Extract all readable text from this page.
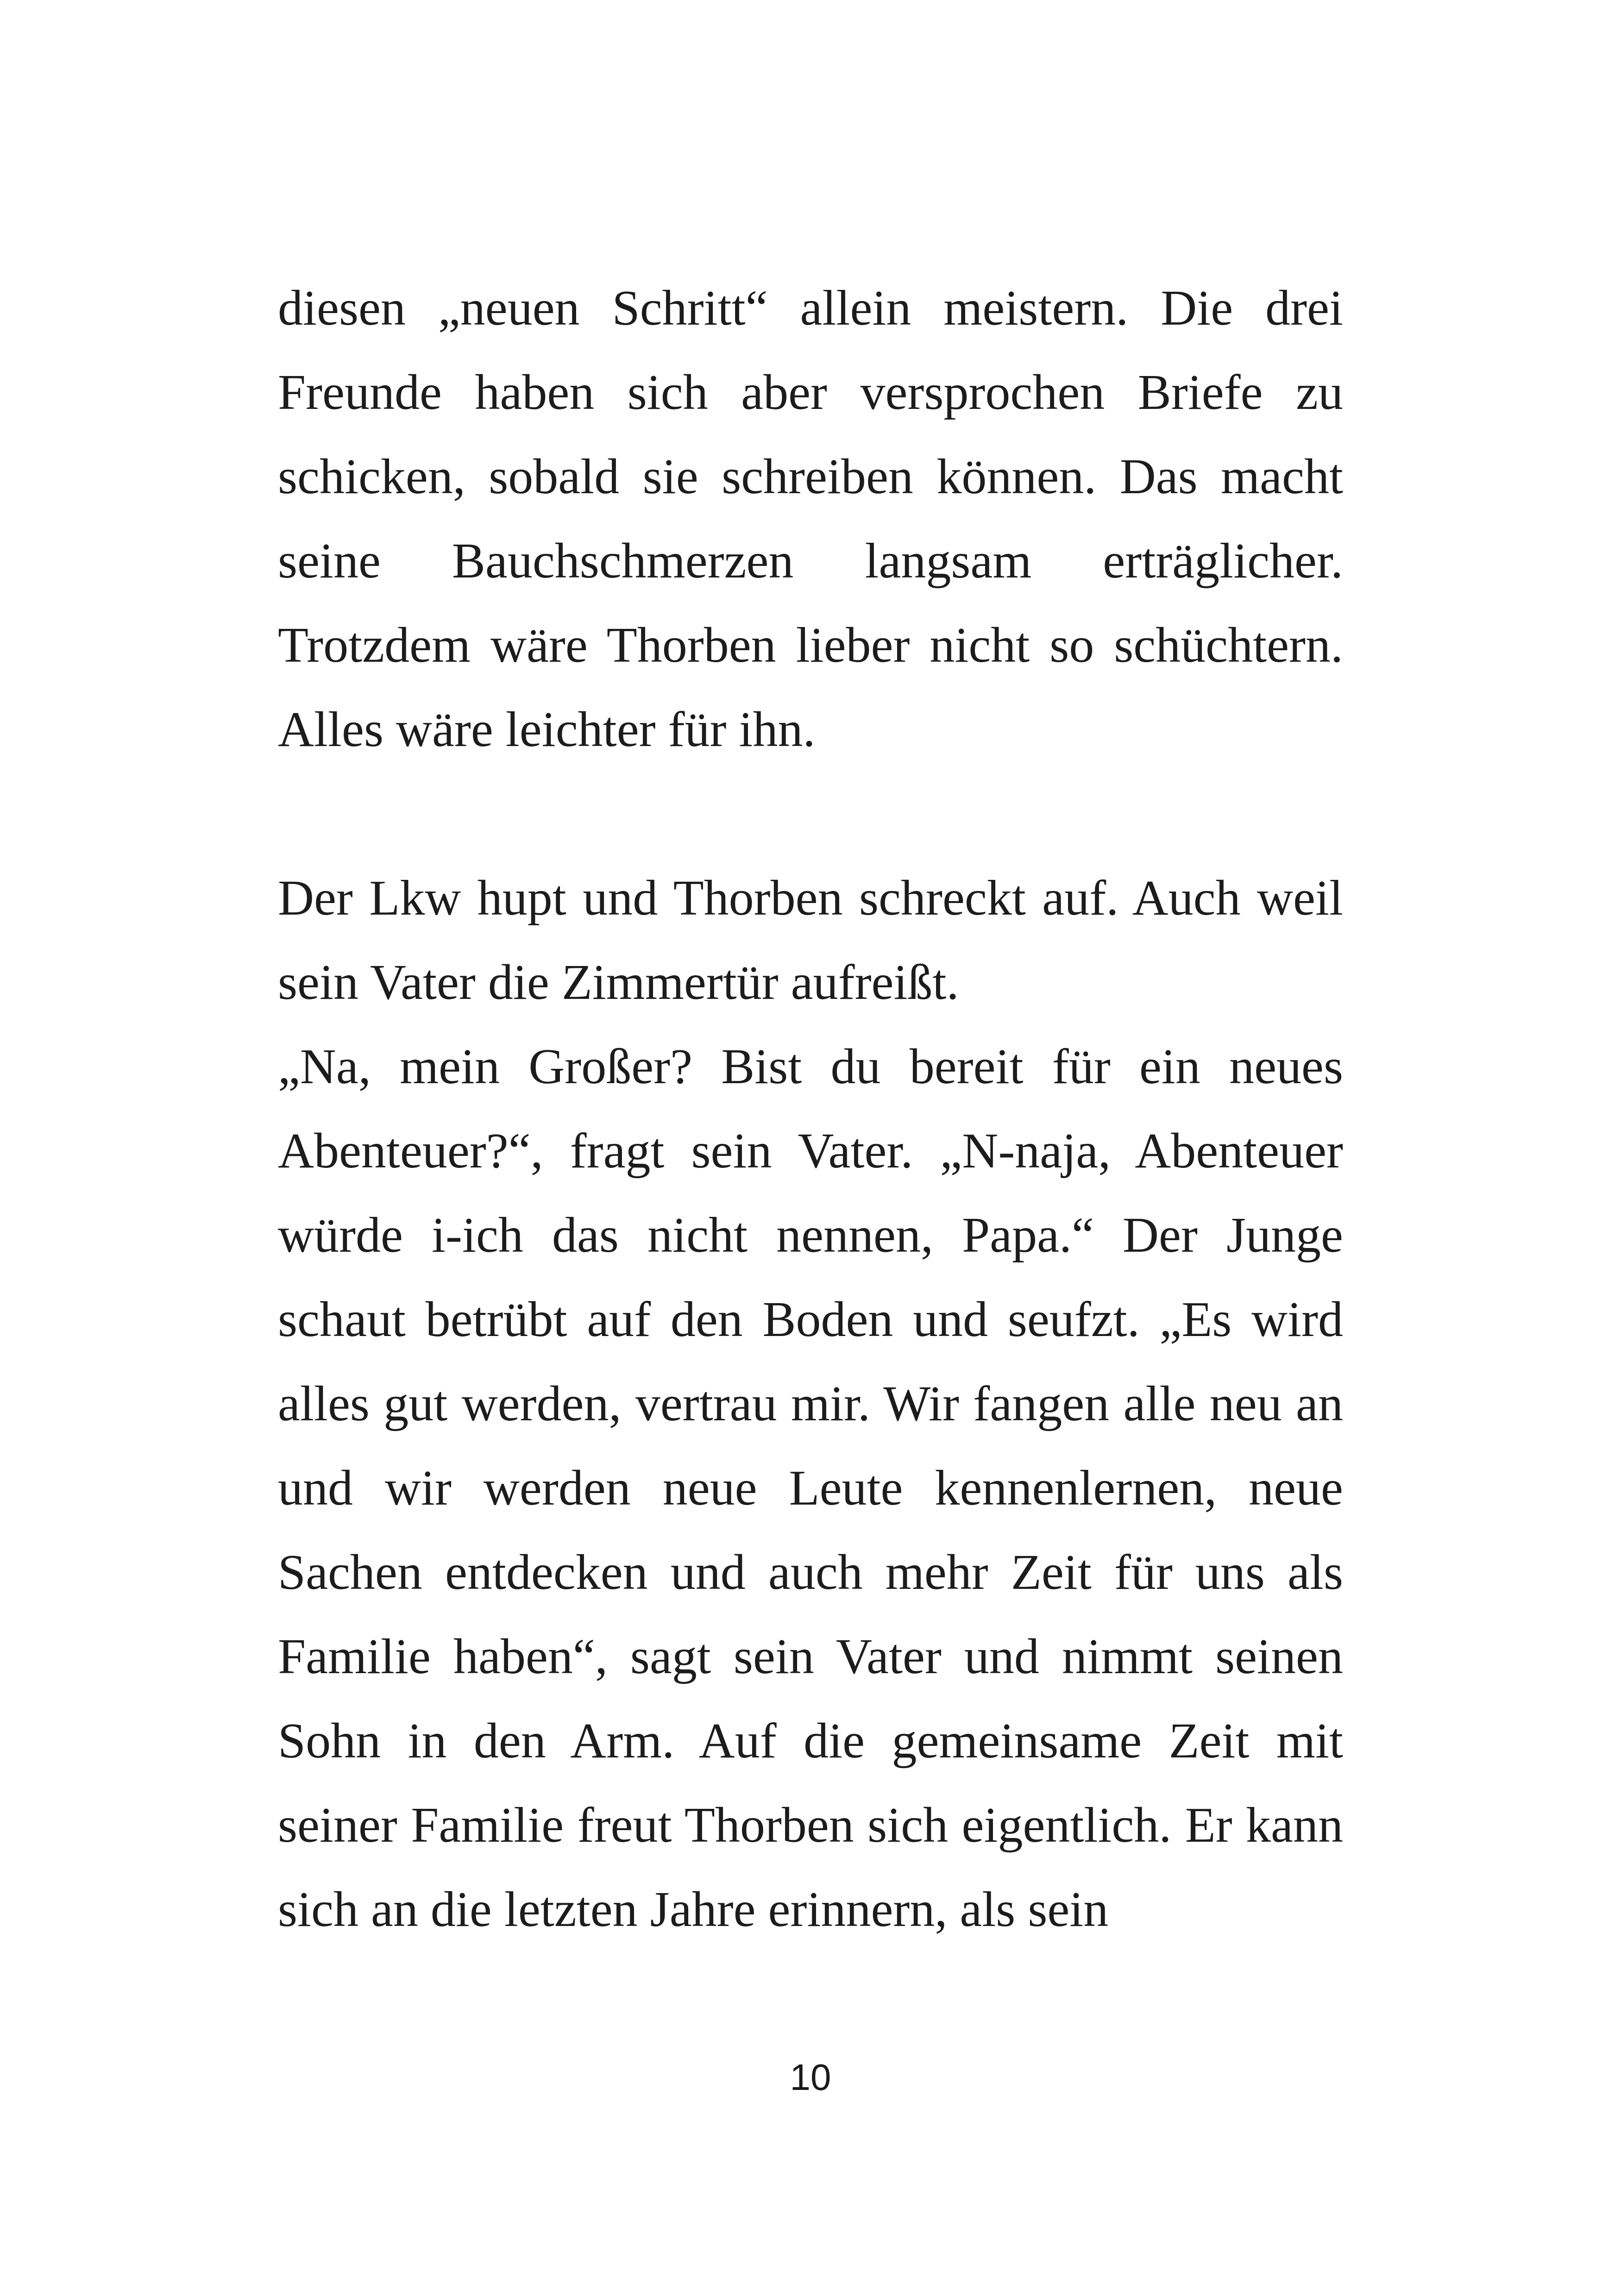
diesen „neuen Schritt“ allein meistern. Die drei Freunde haben sich aber versprochen Briefe zu schicken, sobald sie schreiben können. Das macht seine Bauchschmerzen langsam erträglicher. Trotzdem wäre Thorben lieber nicht so schüchtern. Alles wäre leichter für ihn.

Der Lkw hupt und Thorben schreckt auf. Auch weil sein Vater die Zimmertür aufreißt.

„Na, mein Großer? Bist du bereit für ein neues Abenteuer?“, fragt sein Vater. „N-naja, Abenteuer würde i-ich das nicht nennen, Papa.“ Der Junge schaut betrübt auf den Boden und seufzt. „Es wird alles gut werden, vertrau mir. Wir fangen alle neu an und wir werden neue Leute kennenlernen, neue Sachen entdecken und auch mehr Zeit für uns als Familie haben“, sagt sein Vater und nimmt seinen Sohn in den Arm. Auf die gemeinsame Zeit mit seiner Familie freut Thorben sich eigentlich. Er kann sich an die letzten Jahre erinnern, als sein

10
